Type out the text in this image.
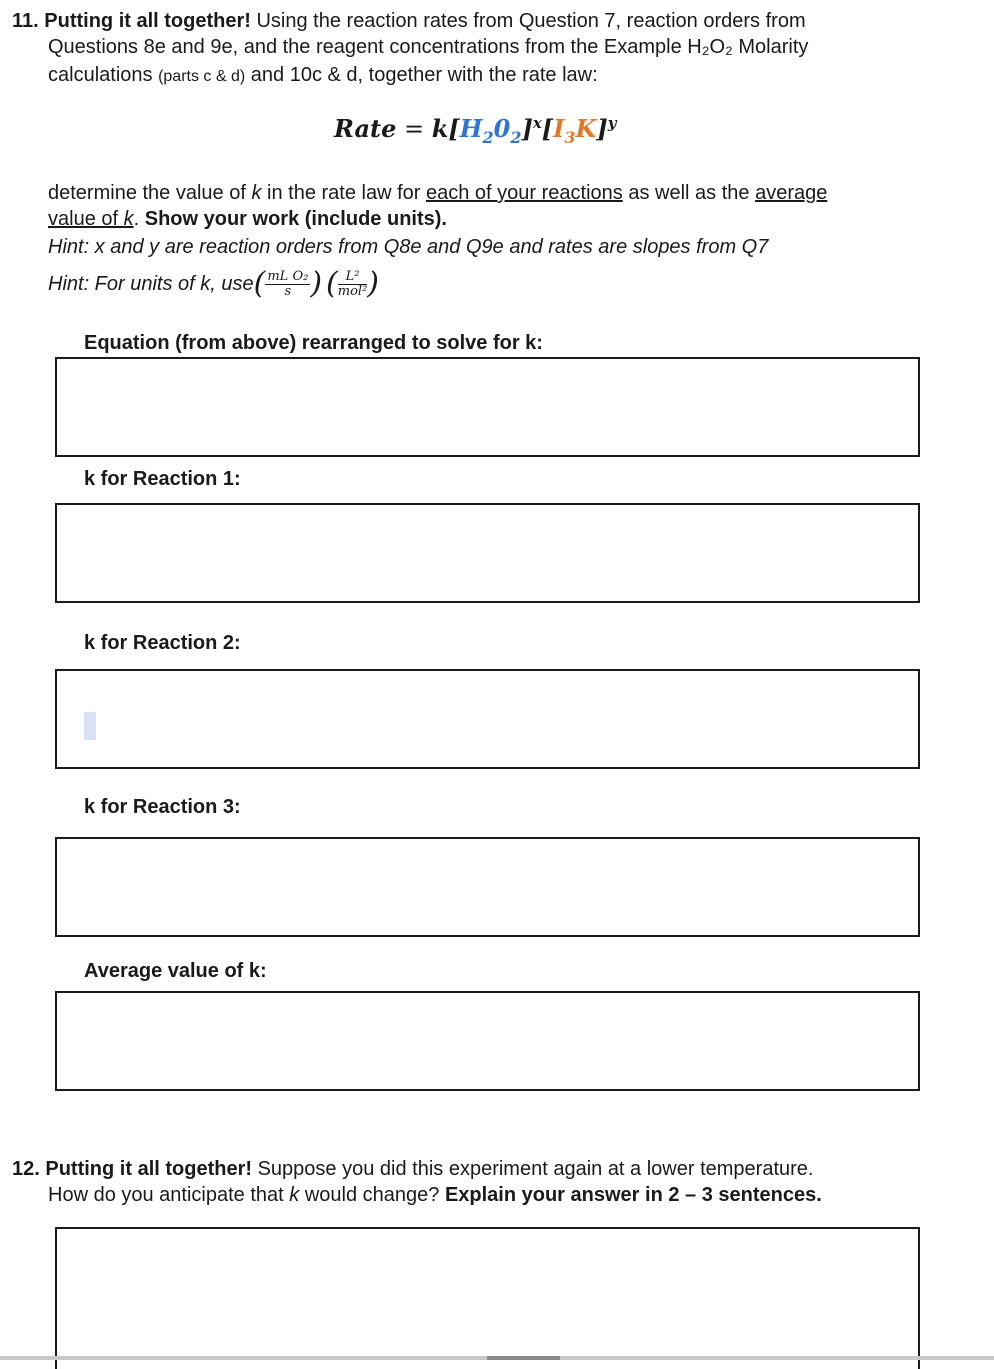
11. Putting it all together! Using the reaction rates from Question 7, reaction orders from
Questions 8e and 9e, and the reagent concentrations from the Example H₂O₂ Molarity
calculations (parts c & d) and 10c & d, together with the rate law:
Rate = $k[H_20_2]^x[I_3K]^y$
determine the value of k in the rate law for each of your reactions as well as the average
value of k. Show your work (include units).
Hint: x and y are reaction orders from Q8e and Q9e and rates are slopes from Q7
Hint: For units of k, use ( $\frac{\text{mL O₂}}{s}$ ) ( $\frac{\text{L²}}{\text{mol²}}$ )
Equation (from above) rearranged to solve for k:
k for Reaction 1:
k for Reaction 2:
k for Reaction 3:
Average value of k:
12. Putting it all together! Suppose you did this experiment again at a lower temperature.
How do you anticipate that k would change? Explain your answer in 2 – 3 sentences.
